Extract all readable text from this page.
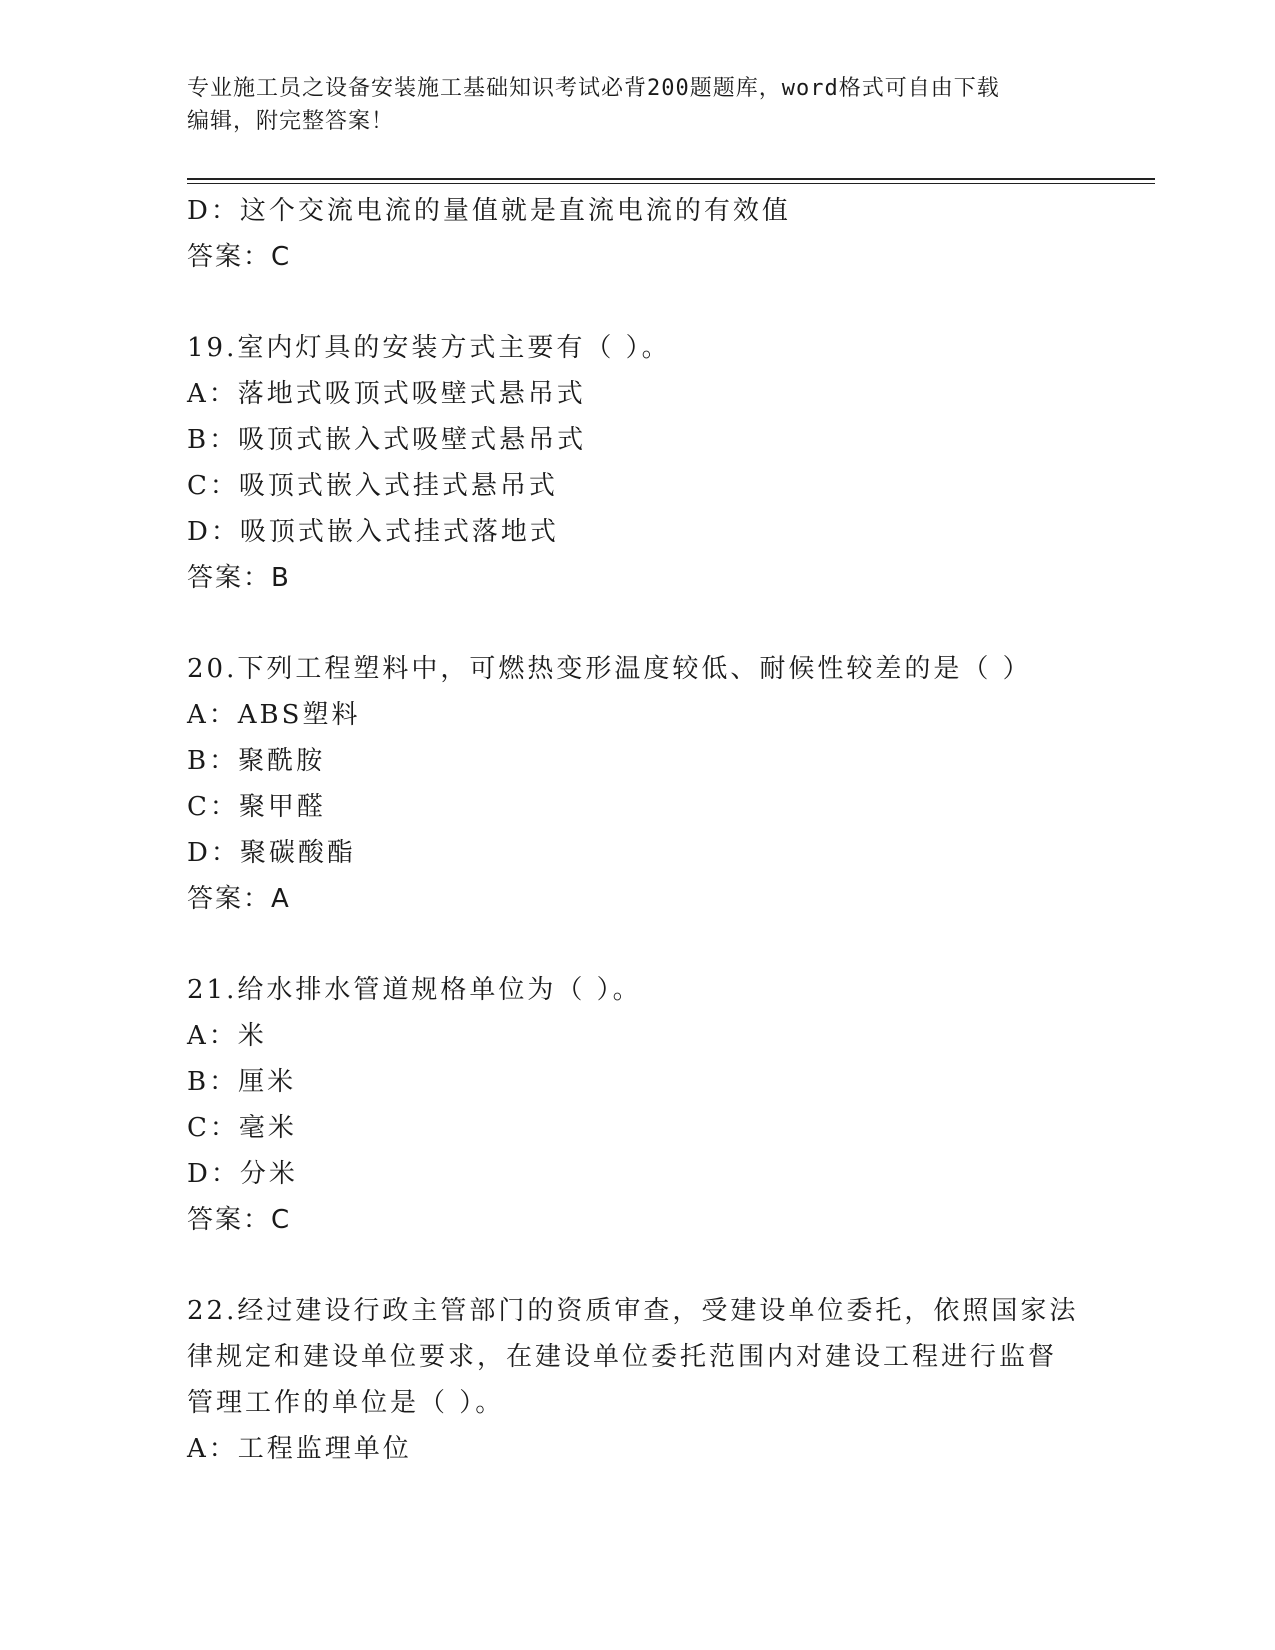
专业施工员之设备安装施工基础知识考试必背200题题库，word格式可自由下载
编辑，附完整答案！
D：这个交流电流的量值就是直流电流的有效值
答案：C
19.室内灯具的安装方式主要有（ ）。
A：落地式吸顶式吸壁式悬吊式
B：吸顶式嵌入式吸壁式悬吊式
C：吸顶式嵌入式挂式悬吊式
D：吸顶式嵌入式挂式落地式
答案：B
20.下列工程塑料中，可燃热变形温度较低、耐候性较差的是（ ）
A：ABS塑料
B：聚酰胺
C：聚甲醛
D：聚碳酸酯
答案：A
21.给水排水管道规格单位为（ ）。
A：米
B：厘米
C：毫米
D：分米
答案：C
22.经过建设行政主管部门的资质审查，受建设单位委托，依照国家法
律规定和建设单位要求，在建设单位委托范围内对建设工程进行监督
管理工作的单位是（ ）。
A：工程监理单位
